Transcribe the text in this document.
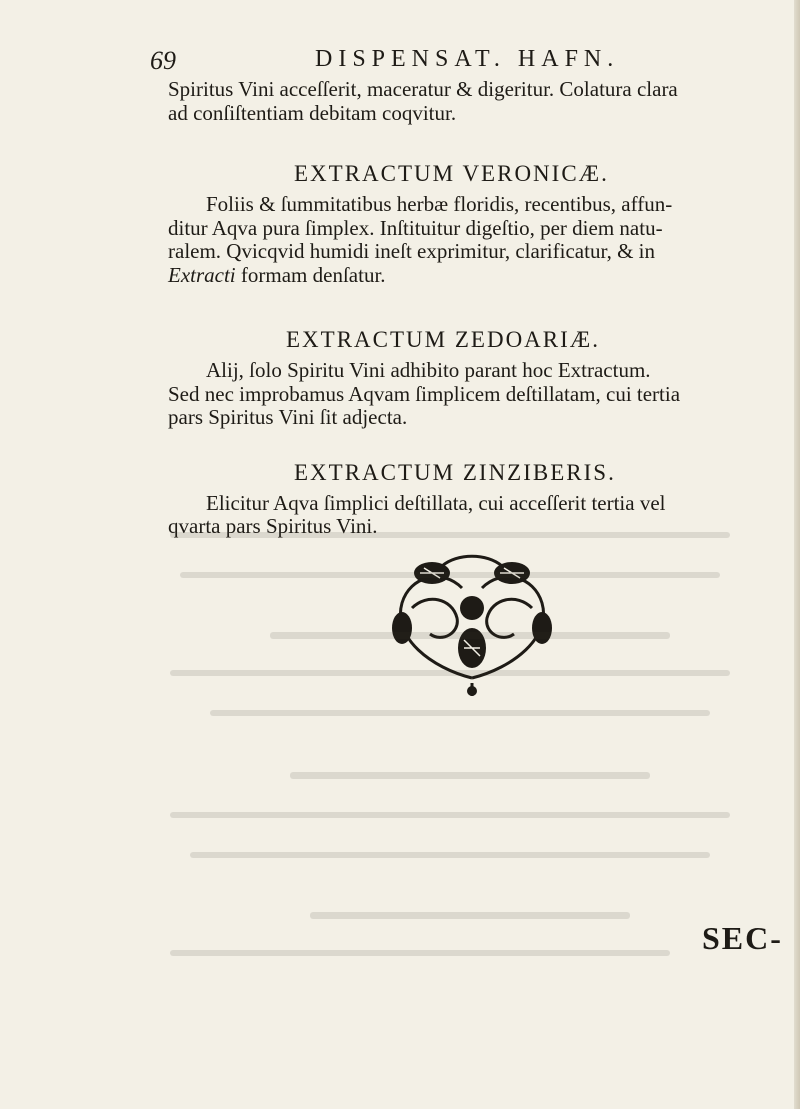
69	DISPENSAT. HAFN.
Spiritus Vini acceſſerit, maceratur & digeritur. Colatura clara
ad conſiſtentiam debitam coqvitur.
EXTRACTUM VERONICÆ.
Foliis & ſummitatibus herbæ floridis, recentibus, affun-
ditur Aqva pura ſimplex. Inſtituitur digeſtio, per diem natu-
ralem. Qvicqvid humidi ineſt exprimitur, clarificatur, & in
Extracti formam denſatur.
EXTRACTUM ZEDOARIÆ.
Alij, ſolo Spiritu Vini adhibito parant hoc Extractum.
Sed nec improbamus Aqvam ſimplicem deſtillatam, cui tertia
pars Spiritus Vini ſit adjecta.
EXTRACTUM ZINZIBERIS.
Elicitur Aqva ſimplici deſtillata, cui acceſſerit tertia vel
qvarta pars Spiritus Vini.
SEC-
